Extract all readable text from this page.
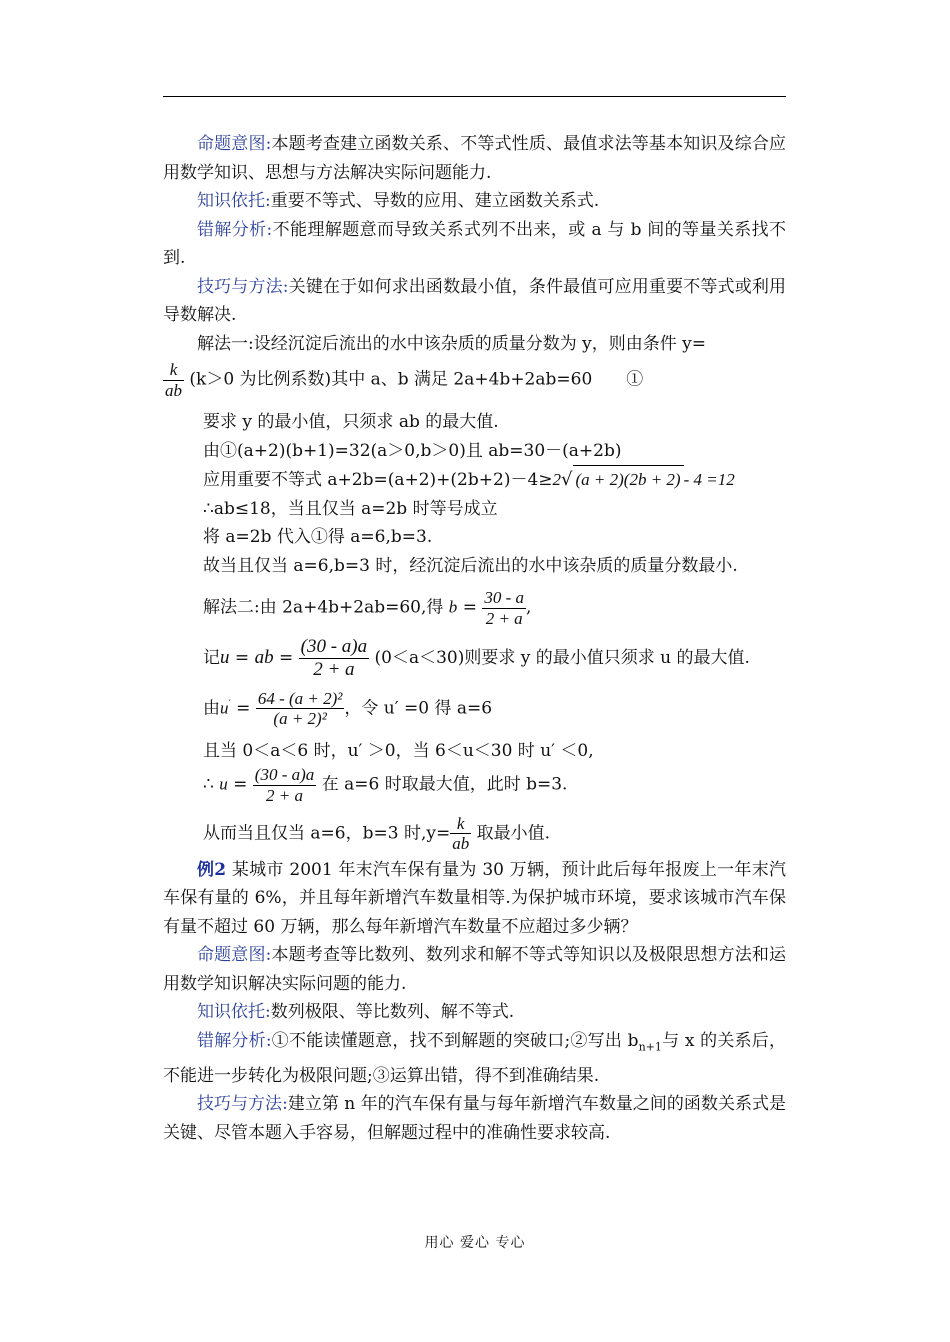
命题意图:本题考查建立函数关系、不等式性质、最值求法等基本知识及综合应用数学知识、思想与方法解决实际问题能力.

知识依托:重要不等式、导数的应用、建立函数关系式.

错解分析:不能理解题意而导致关系式列不出来，或 a 与 b 间的等量关系找不到.

技巧与方法:关键在于如何求出函数最小值，条件最值可应用重要不等式或利用导数解决.

解法一:设经沉淀后流出的水中该杂质的质量分数为 y，则由条件 y=

$\frac{k}{ab} (k>0$ 为比例系数)其中 a、b 满足 2a+4b+2ab=60　　①
要求 y 的最小值，只须求 ab 的最大值.
由①(a+2)(b+1)=32(a＞0,b＞0)且 ab=30－(a+2b)
应用重要不等式 a+2b=(a+2)+(2b+2)－4≥2√ (a + 2)(2b + 2) - 4 =12
∴ab≤18，当且仅当 a=2b 时等号成立
将 a=2b 代入①得 a=6,b=3.
故当且仅当 a=6,b=3 时，经沉淀后流出的水中该杂质的质量分数最小.
解法二:由 2a+4b+2ab=60,得 $b = \frac{30 - a}{2 + a}$ ,
记u = ab = $\frac{(30 - a)a}{2 + a} (0<a<30)$则要求 y 的最小值只须求 u 的最大值.
由$u' = \frac{\text{64 - (a + 2)²}}{\text{(a + 2)²}}$ ，令 u′ =0 得 a=6
且当 0＜a＜6 时，u′ ＞0，当 6＜u＜30 时 u′ ＜0,
∴ $u = \frac{(30 - a)a}{2 + a}$ 在 a=6 时取最大值，此时 b=3.
从而当且仅当 a=6，b=3 时$,y= \frac{k}{ab}$ 取最小值.

例2 某城市 2001 年末汽车保有量为 30 万辆，预计此后每年报废上一年末汽车保有量的 6%，并且每年新增汽车数量相等.为保护城市环境，要求该城市汽车保有量不超过 60 万辆，那么每年新增汽车数量不应超过多少辆？

命题意图:本题考查等比数列、数列求和解不等式等知识以及极限思想方法和运用数学知识解决实际问题的能力.

知识依托:数列极限、等比数列、解不等式.

错解分析:①不能读懂题意，找不到解题的突破口;②写出 $b_{n+1}$与 x 的关系后，不能进一步转化为极限问题;③运算出错，得不到准确结果.

技巧与方法:建立第 n 年的汽车保有量与每年新增汽车数量之间的函数关系式是关键、尽管本题入手容易，但解题过程中的准确性要求较高.

用心 爱心 专心
